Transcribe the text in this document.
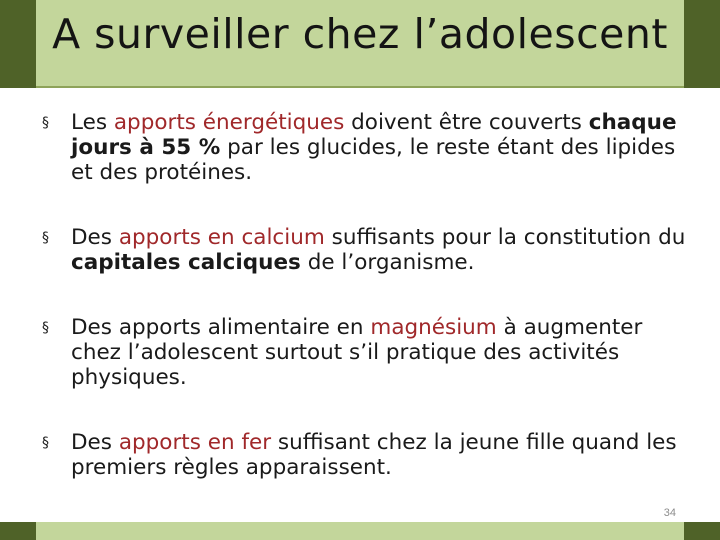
A surveiller chez l’adolescent
§ Les apports énergétiques doivent être couverts chaque jours à 55 % par les glucides, le reste étant des lipides et des protéines.
§ Des apports en calcium suffisants pour la constitution du capitales calciques de l’organisme.
§ Des apports alimentaire en magnésium à augmenter chez l’adolescent surtout s’il pratique des activités physiques.
§ Des apports en fer suffisant chez la jeune fille quand les premiers règles apparaissent.
34
